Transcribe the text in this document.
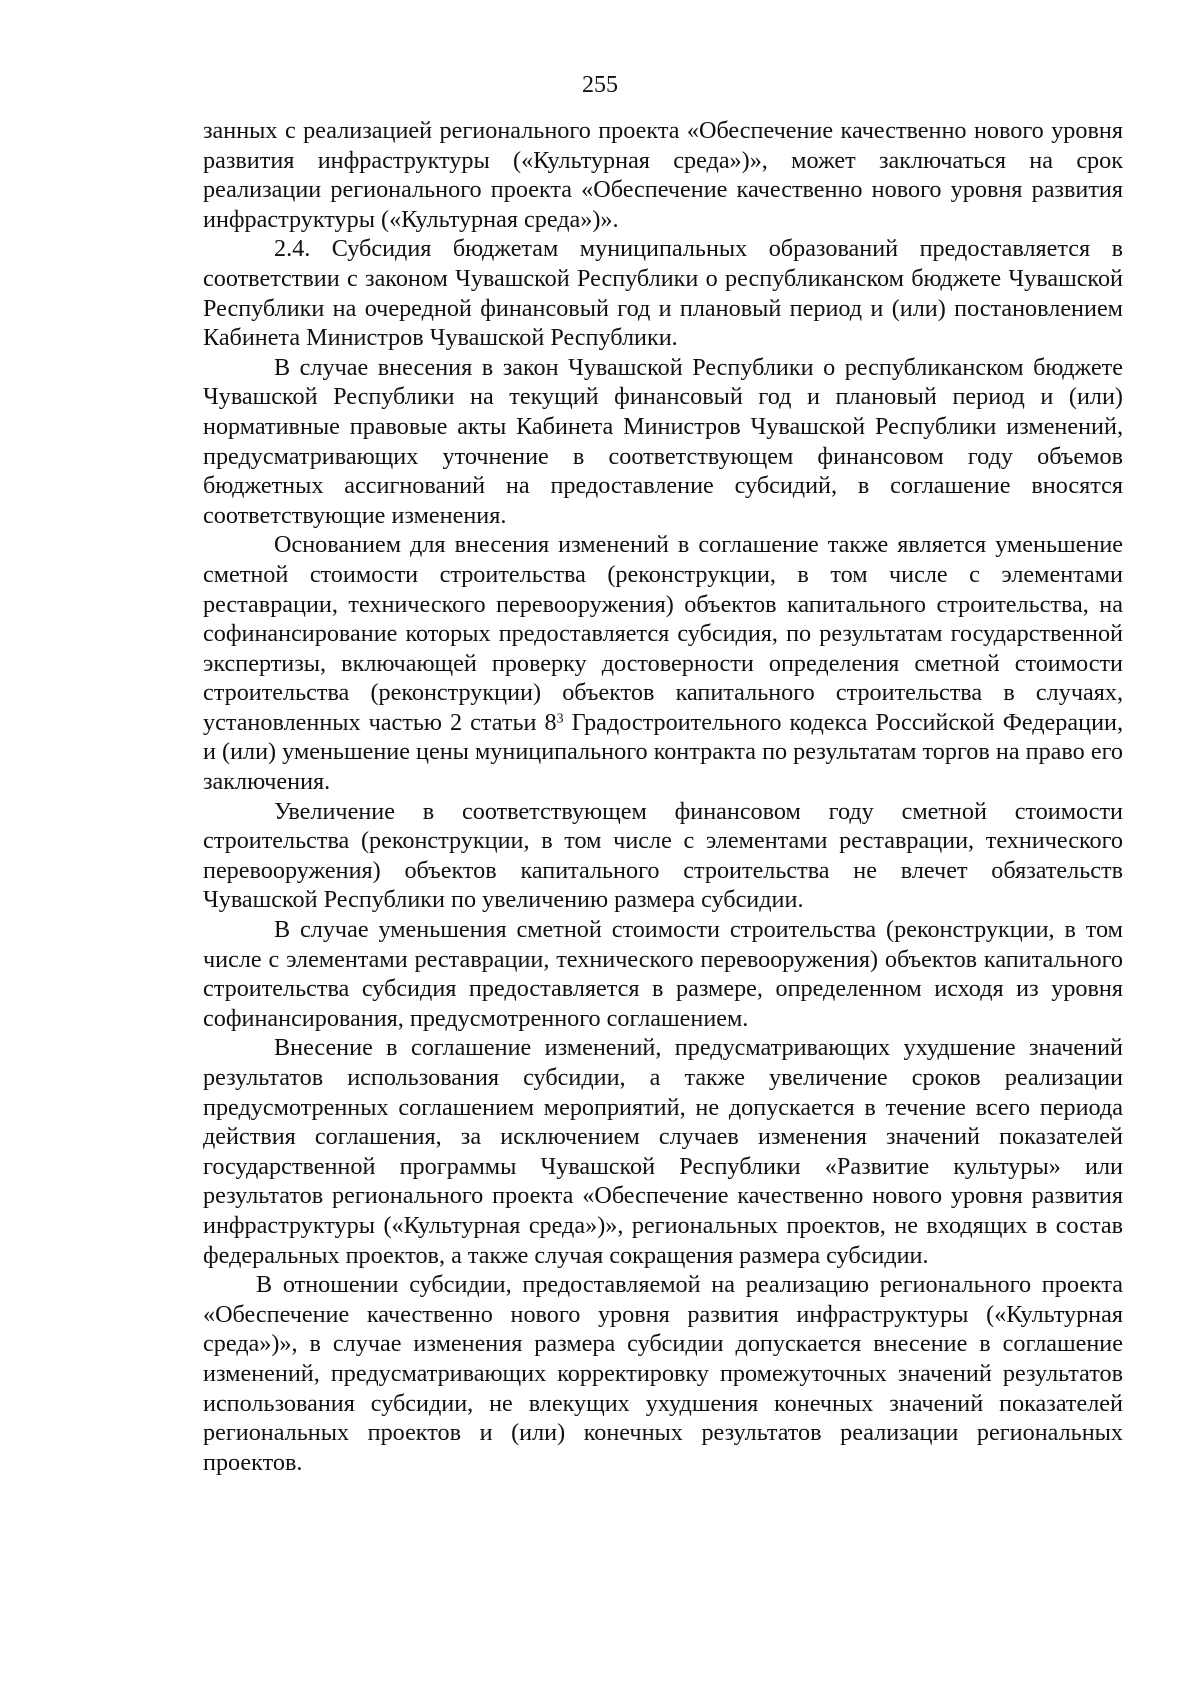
255

занных с реализацией регионального проекта «Обеспечение качественно нового уровня развития инфраструктуры («Культурная среда»)», может заключаться на срок реализации регионального проекта «Обеспечение качественно нового уровня развития инфраструктуры («Культурная среда»)».

2.4. Субсидия бюджетам муниципальных образований предоставляется в соответствии с законом Чувашской Республики о республиканском бюджете Чувашской Республики на очередной финансовый год и плановый период и (или) постановлением Кабинета Министров Чувашской Республики.

В случае внесения в закон Чувашской Республики о республиканском бюджете Чувашской Республики на текущий финансовый год и плановый период и (или) нормативные правовые акты Кабинета Министров Чувашской Республики изменений, предусматривающих уточнение в соответствующем финансовом году объемов бюджетных ассигнований на предоставление субсидий, в соглашение вносятся соответствующие изменения.

Основанием для внесения изменений в соглашение также является уменьшение сметной стоимости строительства (реконструкции, в том числе с элементами реставрации, технического перевооружения) объектов капитального строительства, на софинансирование которых предоставляется субсидия, по результатам государственной экспертизы, включающей проверку достоверности определения сметной стоимости строительства (реконструкции) объектов капитального строительства в случаях, установленных частью 2 статьи $8^3$ Градостроительного кодекса Российской Федерации, и (или) уменьшение цены муниципального контракта по результатам торгов на право его заключения.

Увеличение в соответствующем финансовом году сметной стоимости строительства (реконструкции, в том числе с элементами реставрации, технического перевооружения) объектов капитального строительства не влечет обязательств Чувашской Республики по увеличению размера субсидии.

В случае уменьшения сметной стоимости строительства (реконструкции, в том числе с элементами реставрации, технического перевооружения) объектов капитального строительства субсидия предоставляется в размере, определенном исходя из уровня софинансирования, предусмотренного соглашением.

Внесение в соглашение изменений, предусматривающих ухудшение значений результатов использования субсидии, а также увеличение сроков реализации предусмотренных соглашением мероприятий, не допускается в течение всего периода действия соглашения, за исключением случаев изменения значений показателей государственной программы Чувашской Республики «Развитие культуры» или результатов регионального проекта «Обеспечение качественно нового уровня развития инфраструктуры («Культурная среда»)», региональных проектов, не входящих в состав федеральных проектов, а также случая сокращения размера субсидии.

В отношении субсидии, предоставляемой на реализацию регионального проекта «Обеспечение качественно нового уровня развития инфраструктуры («Культурная среда»)», в случае изменения размера субсидии допускается внесение в соглашение изменений, предусматривающих корректировку промежуточных значений результатов использования субсидии, не влекущих ухудшения конечных значений показателей региональных проектов и (или) конечных результатов реализации региональных проектов.
